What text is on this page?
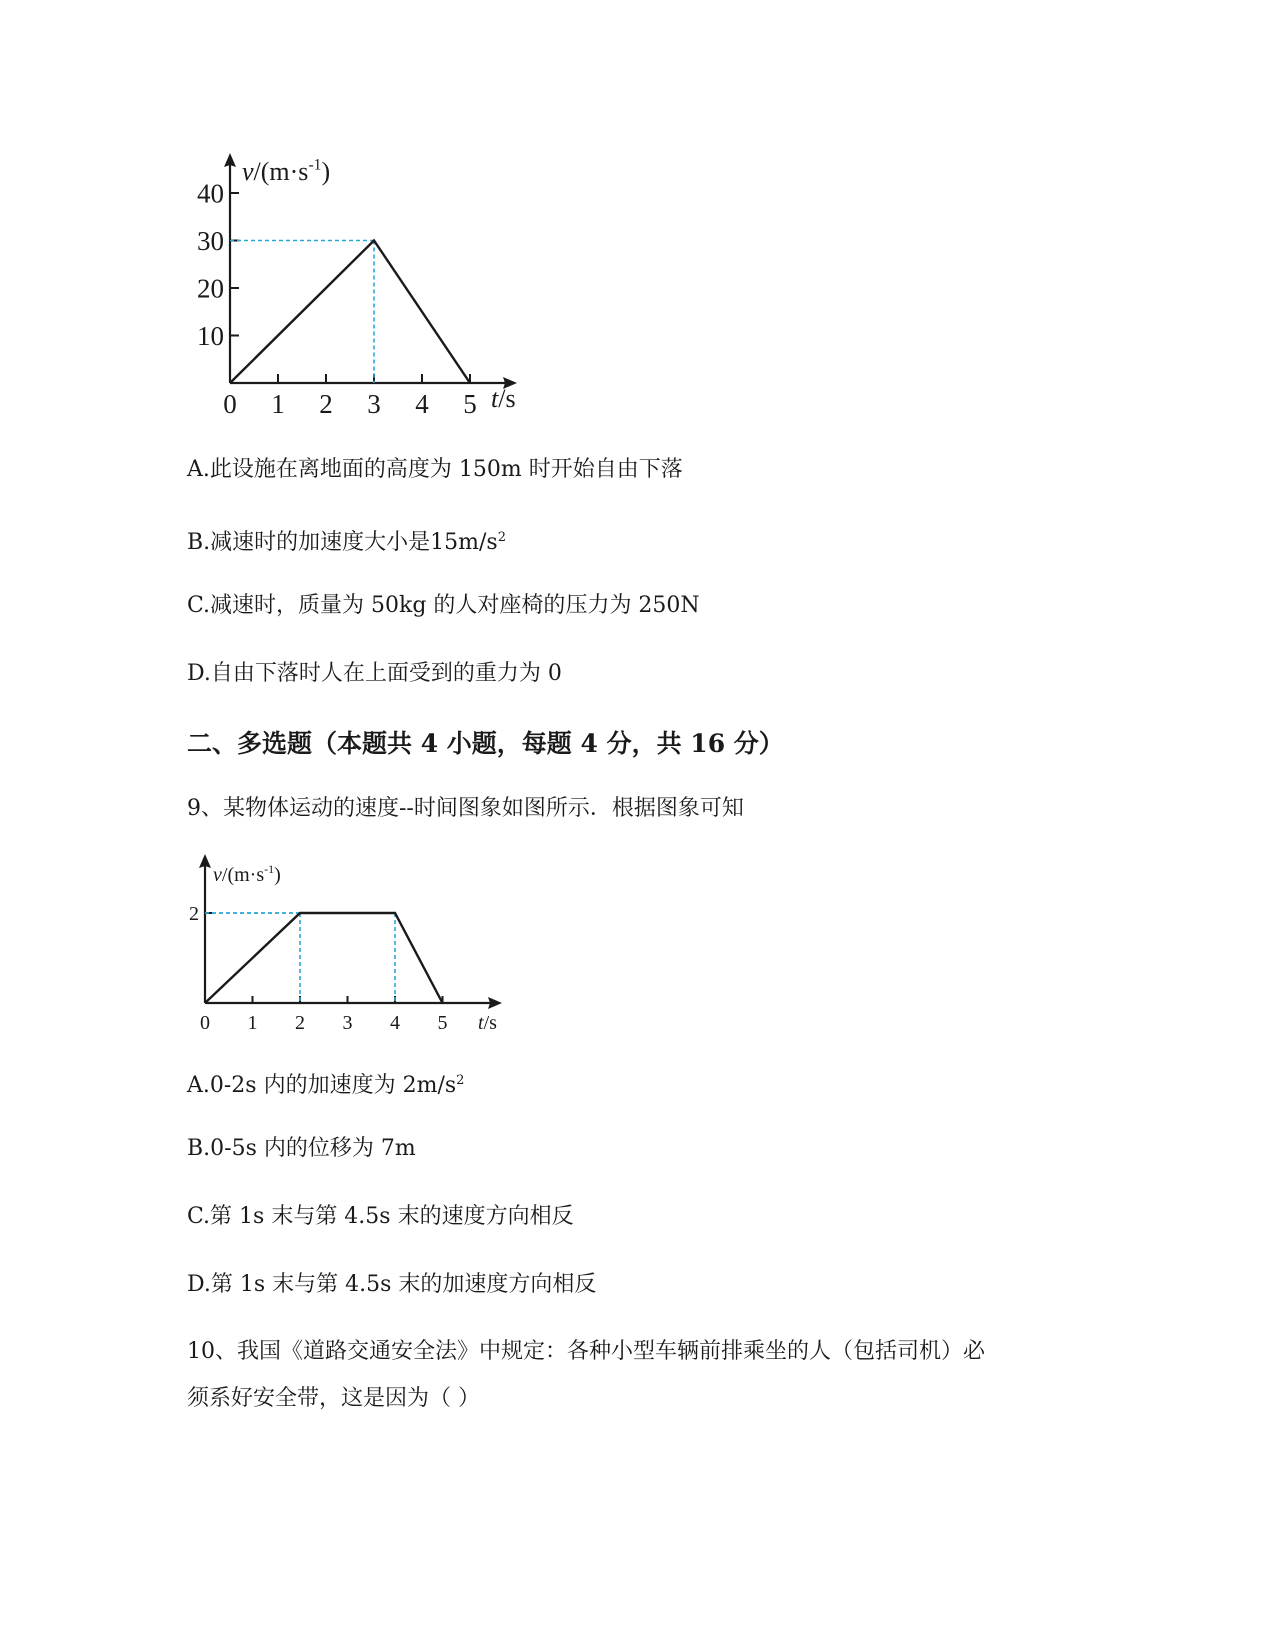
0 1 2 3 4 5
10
20
30
40
$v/(m\cdot s^{-1})$
t/s
0 1 2 3 4 5
2
$v/(m\cdot s^{-1})$
t/s
A.此设施在离地面的高度为 150m 时开始自由下落
B.减速时的加速度大小是$15m/s^2$
C.减速时，质量为 50kg 的人对座椅的压力为 250N
D.自由下落时人在上面受到的重力为 0
二、多选题（本题共 4 小题，每题 4 分，共 16 分）
9、某物体运动的速度--时间图象如图所示．根据图象可知
A.0-2s 内的加速度为 $2m/s^2$
B.0-5s 内的位移为 7m
C.第 1s 末与第 4.5s 末的速度方向相反
D.第 1s 末与第 4.5s 末的加速度方向相反
10、我国《道路交通安全法》中规定：各种小型车辆前排乘坐的人（包括司机）必
须系好安全带，这是因为（ ）
